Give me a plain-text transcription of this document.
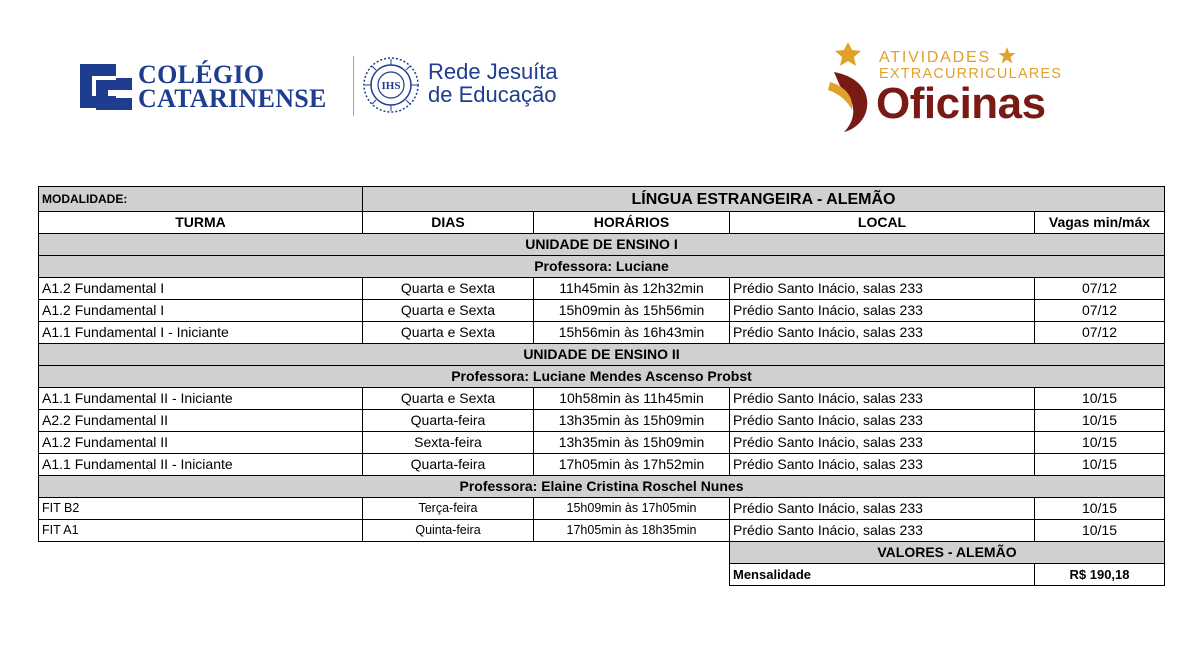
COLÉGIO
CATARINENSE	IHS
Rede Jesuíta
de Educação
ATIVIDADES
EXTRACURRICULARES
Oficinas
MODALIDADE:	LÍNGUA ESTRANGEIRA - ALEMÃO			
TURMA	DIAS	HORÁRIOS	LOCAL	Vagas min/máx
UNIDADE DE ENSINO I				
Professora: Luciane				
A1.2 Fundamental I	Quarta e Sexta	11h45min às 12h32min	Prédio Santo Inácio, salas 233	07/12
A1.2 Fundamental I	Quarta e Sexta	15h09min às 15h56min	Prédio Santo Inácio, salas 233	07/12
A1.1 Fundamental I - Iniciante	Quarta e Sexta	15h56min às 16h43min	Prédio Santo Inácio, salas 233	07/12
UNIDADE DE ENSINO II				
Professora: Luciane Mendes Ascenso Probst				
A1.1 Fundamental II - Iniciante	Quarta e Sexta	10h58min às 11h45min	Prédio Santo Inácio, salas 233	10/15
A2.2 Fundamental II	Quarta-feira	13h35min às 15h09min	Prédio Santo Inácio, salas 233	10/15
A1.2 Fundamental II	Sexta-feira	13h35min às 15h09min	Prédio Santo Inácio, salas 233	10/15
A1.1 Fundamental II - Iniciante	Quarta-feira	17h05min às 17h52min	Prédio Santo Inácio, salas 233	10/15
Professora: Elaine Cristina Roschel Nunes				
FIT B2	Terça-feira	15h09min às 17h05min	Prédio Santo Inácio, salas 233	10/15
FIT A1	Quinta-feira	17h05min às 18h35min	Prédio Santo Inácio, salas 233	10/15
			VALORES - ALEMÃO	
			Mensalidade	R$ 190,18
